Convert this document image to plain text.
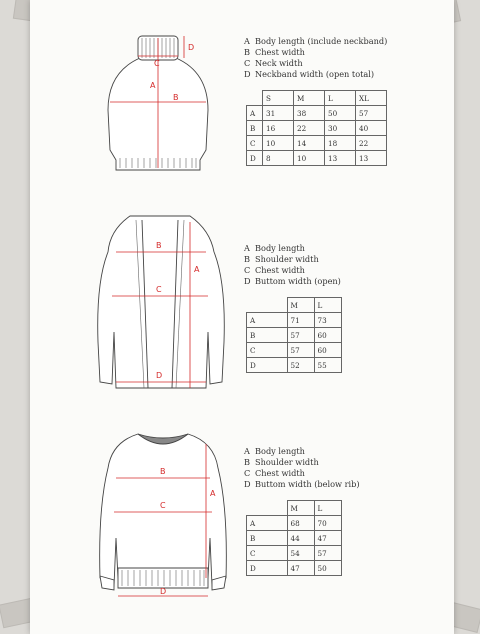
A
B
C
D
A Body length (include neckband)
B Chest width
C Neck width
D Neckband width (open total)
	S	M	L	XL
A	31	38	50	57
B	16	22	30	40
C	10	14	18	22
D	8	10	13	13
B
A
C
D
A Body length
B Shoulder width
C Chest width
D Buttom width (open)
	M	L
A	71	73
B	57	60
C	57	60
D	52	55
B
A
C
D
A Body length
B Shoulder width
C Chest width
D Buttom width (below rib)
	M	L
A	68	70
B	44	47
C	54	57
D	47	50
